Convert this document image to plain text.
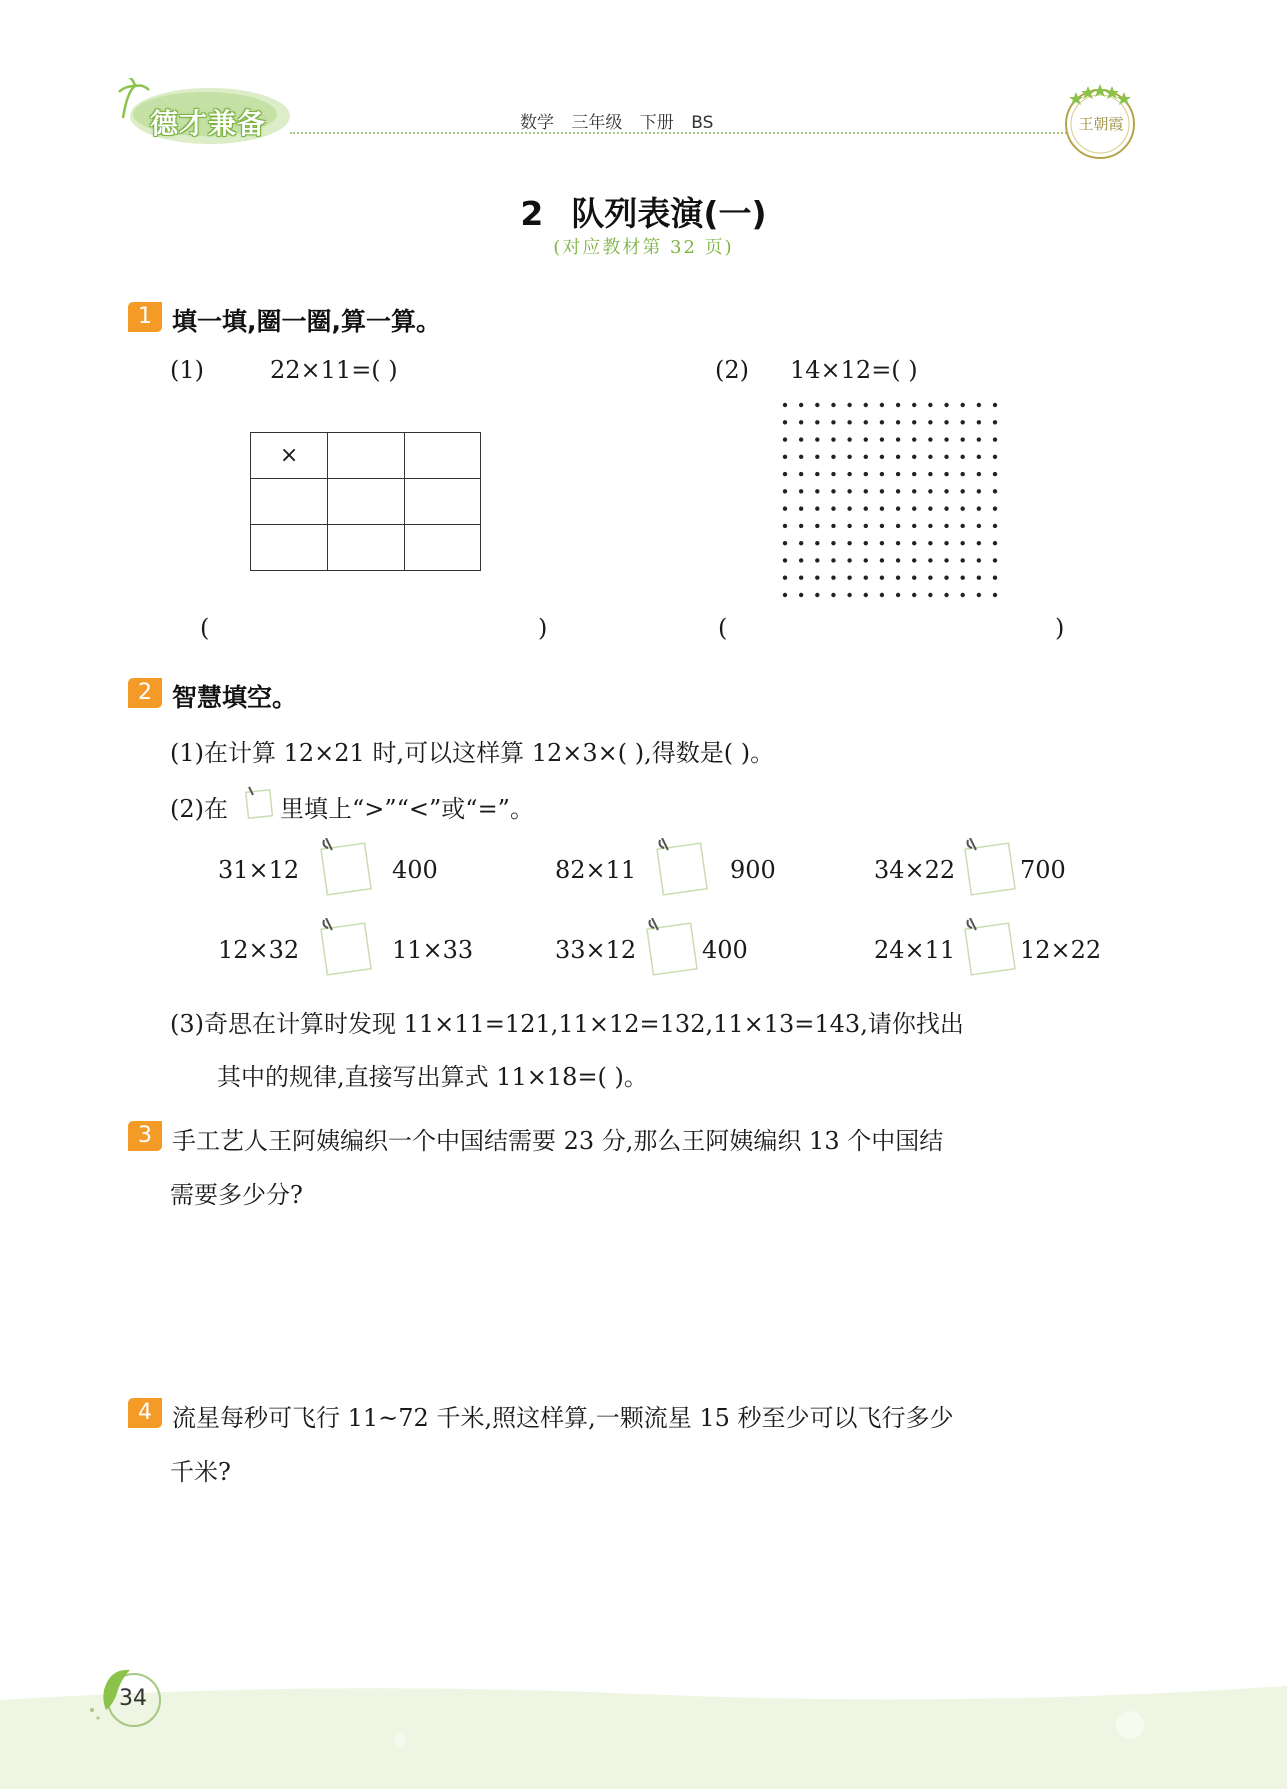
德才兼备	数学 三年级 下册 BS	王朝霞
2 队列表演(一)
(对应教材第 32 页)
1 填一填,圈一圈,算一算。
(1)	22×11=( )	(2) 14×12=( )
×		

(	)	(	)
2 智慧填空。
(1)在计算 12×21 时,可以这样算 12×3×( ),得数是( )。
(2)在 里填上“>”“<”或“=”。
31×12	400	82×11	900	34×22	700
12×32	11×33	33×12	400	24×11	12×22
(3)奇思在计算时发现 11×11=121,11×12=132,11×13=143,请你找出
其中的规律,直接写出算式 11×18=( )。
3 手工艺人王阿姨编织一个中国结需要 23 分,那么王阿姨编织 13 个中国结
需要多少分?
4 流星每秒可飞行 11~72 千米,照这样算,一颗流星 15 秒至少可以飞行多少
千米?
34
